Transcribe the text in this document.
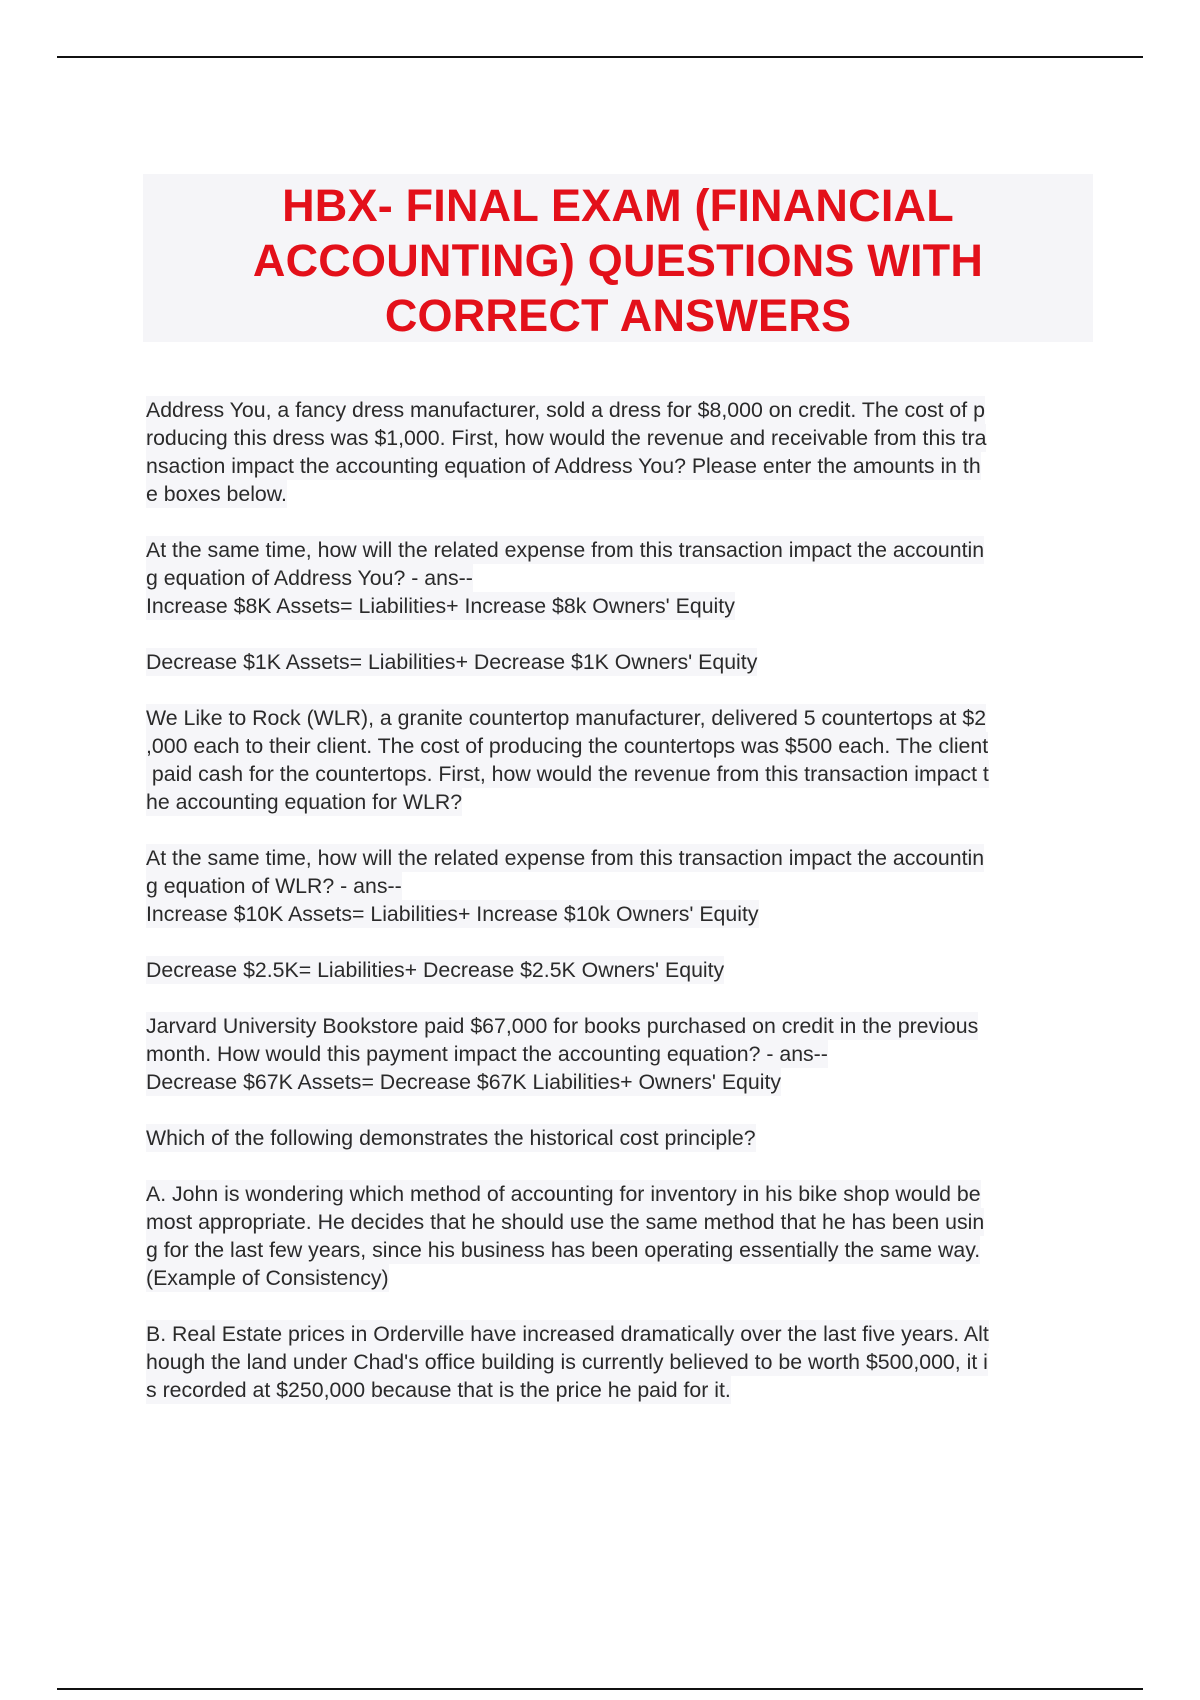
HBX- FINAL EXAM (FINANCIAL
ACCOUNTING) QUESTIONS WITH
CORRECT ANSWERS
Address You, a fancy dress manufacturer, sold a dress for $8,000 on credit. The cost of p
roducing this dress was $1,000. First, how would the revenue and receivable from this tra
nsaction impact the accounting equation of Address You? Please enter the amounts in th
e boxes below.
At the same time, how will the related expense from this transaction impact the accountin
g equation of Address You? - ans--
Increase $8K Assets= Liabilities+ Increase $8k Owners' Equity
Decrease $1K Assets= Liabilities+ Decrease $1K Owners' Equity
We Like to Rock (WLR), a granite countertop manufacturer, delivered 5 countertops at $2
,000 each to their client. The cost of producing the countertops was $500 each. The client
paid cash for the countertops. First, how would the revenue from this transaction impact t
he accounting equation for WLR?
At the same time, how will the related expense from this transaction impact the accountin
g equation of WLR? - ans--
Increase $10K Assets= Liabilities+ Increase $10k Owners' Equity
Decrease $2.5K= Liabilities+ Decrease $2.5K Owners' Equity
Jarvard University Bookstore paid $67,000 for books purchased on credit in the previous
month. How would this payment impact the accounting equation? - ans--
Decrease $67K Assets= Decrease $67K Liabilities+ Owners' Equity
Which of the following demonstrates the historical cost principle?
A. John is wondering which method of accounting for inventory in his bike shop would be
most appropriate. He decides that he should use the same method that he has been usin
g for the last few years, since his business has been operating essentially the same way.
(Example of Consistency)
B. Real Estate prices in Orderville have increased dramatically over the last five years. Alt
hough the land under Chad's office building is currently believed to be worth $500,000, it i
s recorded at $250,000 because that is the price he paid for it.
